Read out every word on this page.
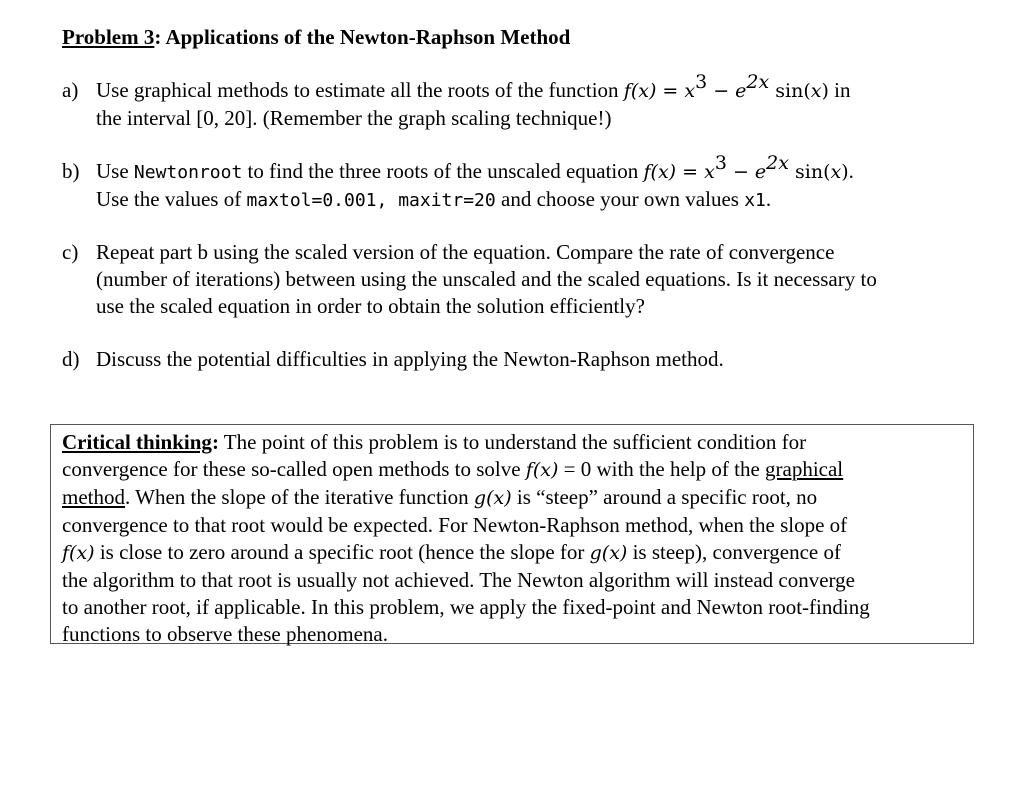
Problem 3: Applications of the Newton-Raphson Method
a) Use graphical methods to estimate all the roots of the function $f(x) = x^3 - e^{2x}$ sin(x) in
the interval [0, 20]. (Remember the graph scaling technique!)
b) Use Newtonroot to find the three roots of the unscaled equation $f(x) = x^3 - e^{2x}$ sin(x).
Use the values of maxtol=0.001, maxitr=20 and choose your own values x1.
c) Repeat part b using the scaled version of the equation. Compare the rate of convergence
(number of iterations) between using the unscaled and the scaled equations. Is it necessary to
use the scaled equation in order to obtain the solution efficiently?
d) Discuss the potential difficulties in applying the Newton-Raphson method.
Critical thinking: The point of this problem is to understand the sufficient condition for
convergence for these so-called open methods to solve f(x) = 0 with the help of the graphical
method. When the slope of the iterative function g(x) is “steep” around a specific root, no
convergence to that root would be expected. For Newton-Raphson method, when the slope of
f(x) is close to zero around a specific root (hence the slope for g(x) is steep), convergence of
the algorithm to that root is usually not achieved. The Newton algorithm will instead converge
to another root, if applicable. In this problem, we apply the fixed-point and Newton root-finding
functions to observe these phenomena.
